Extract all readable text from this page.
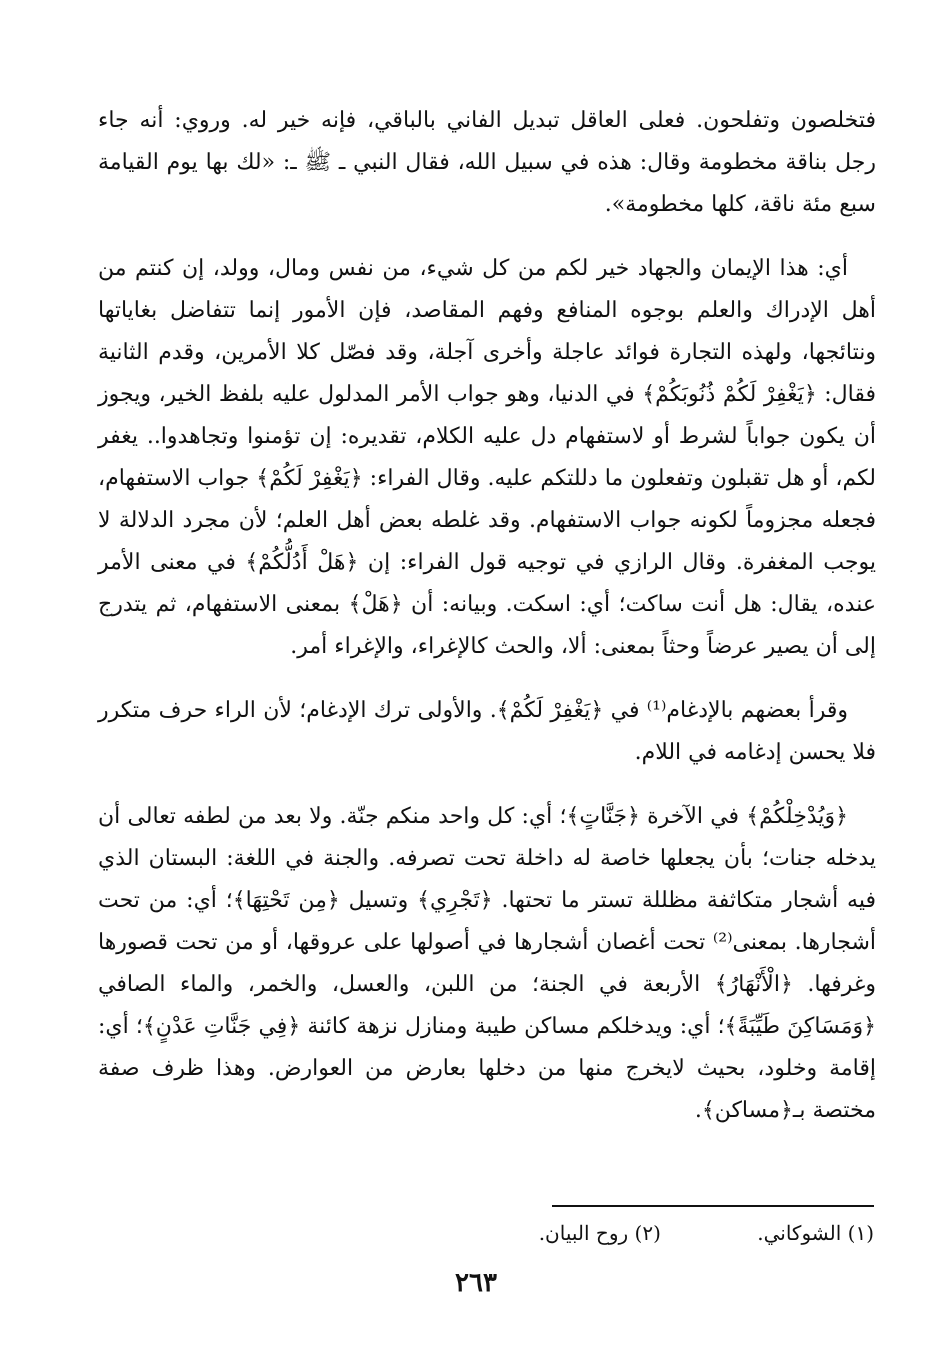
فتخلصون وتفلحون. فعلى العاقل تبديل الفاني بالباقي، فإنه خير له. وروي: أنه جاء رجل بناقة مخطومة وقال: هذه في سبيل الله، فقال النبي ـ ﷺ ـ: «لك بها يوم القيامة سبع مئة ناقة، كلها مخطومة».

أي: هذا الإيمان والجهاد خير لكم من كل شيء، من نفس ومال، وولد، إن كنتم من أهل الإدراك والعلم بوجوه المنافع وفهم المقاصد، فإن الأمور إنما تتفاضل بغاياتها ونتائجها، ولهذه التجارة فوائد عاجلة وأخرى آجلة، وقد فصّل كلا الأمرين، وقدم الثانية فقال: ﴿يَغْفِرْ لَكُمْ ذُنُوبَكُمْ﴾ في الدنيا، وهو جواب الأمر المدلول عليه بلفظ الخير، ويجوز أن يكون جواباً لشرط أو لاستفهام دل عليه الكلام، تقديره: إن تؤمنوا وتجاهدوا.. يغفر لكم، أو هل تقبلون وتفعلون ما دللتكم عليه. وقال الفراء: ﴿يَغْفِرْ لَكُمْ﴾ جواب الاستفهام، فجعله مجزوماً لكونه جواب الاستفهام. وقد غلطه بعض أهل العلم؛ لأن مجرد الدلالة لا يوجب المغفرة. وقال الرازي في توجيه قول الفراء: إن ﴿هَلْ أَدُلُّكُمْ﴾ في معنى الأمر عنده، يقال: هل أنت ساكت؛ أي: اسكت. وبيانه: أن ﴿هَلْ﴾ بمعنى الاستفهام، ثم يتدرج إلى أن يصير عرضاً وحثاً بمعنى: ألا، والحث كالإغراء، والإغراء أمر.

وقرأ بعضهم بالإدغام⁽¹⁾ في ﴿يَغْفِرْ لَكُمْ﴾. والأولى ترك الإدغام؛ لأن الراء حرف متكرر فلا يحسن إدغامه في اللام.

﴿وَيُدْخِلْكُمْ﴾ في الآخرة ﴿جَنَّاتٍ﴾؛ أي: كل واحد منكم جنّة. ولا بعد من لطفه تعالى أن يدخله جنات؛ بأن يجعلها خاصة له داخلة تحت تصرفه. والجنة في اللغة: البستان الذي فيه أشجار متكاثفة مظللة تستر ما تحتها. ﴿تَجْرِي﴾ وتسيل ﴿مِن تَحْتِهَا﴾؛ أي: من تحت أشجارها. بمعنى⁽²⁾ تحت أغصان أشجارها في أصولها على عروقها، أو من تحت قصورها وغرفها. ﴿الْأَنْهَارُ﴾ الأربعة في الجنة؛ من اللبن، والعسل، والخمر، والماء الصافي ﴿وَمَسَاكِنَ طَيِّبَةً﴾؛ أي: ويدخلكم مساكن طيبة ومنازل نزهة كائنة ﴿فِي جَنَّاتِ عَدْنٍ﴾؛ أي: إقامة وخلود، بحيث لايخرج منها من دخلها بعارض من العوارض. وهذا ظرف صفة مختصة بـ﴿مساكن﴾.

(١) الشوكاني. (٢) روح البيان.
٢٦٣
